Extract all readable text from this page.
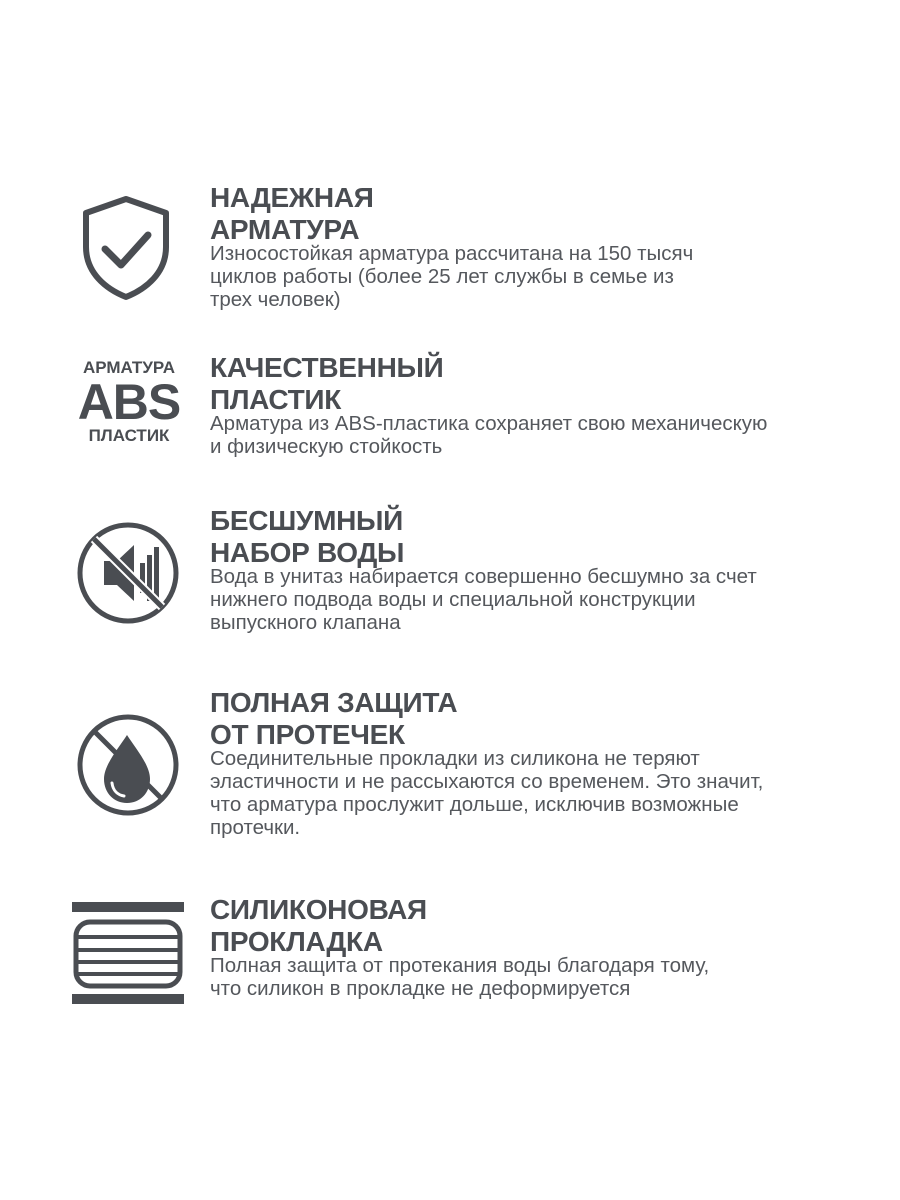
АРМАТУРА
ABS
ПЛАСТИК
НАДЕЖНАЯ
АРМАТУРА
Износостойкая арматура рассчитана на 150 тысяч
циклов работы (более 25 лет службы в семье из
трех человек)
КАЧЕСТВЕННЫЙ
ПЛАСТИК
Арматура из ABS-пластика сохраняет свою механическую
и физическую стойкость
БЕСШУМНЫЙ
НАБОР ВОДЫ
Вода в унитаз набирается совершенно бесшумно за счет
нижнего подвода воды и специальной конструкции
выпускного клапана
ПОЛНАЯ ЗАЩИТА
ОТ ПРОТЕЧЕК
Соединительные прокладки из силикона не теряют
эластичности и не рассыхаются со временем. Это значит,
что арматура прослужит дольше, исключив возможные
протечки.
СИЛИКОНОВАЯ
ПРОКЛАДКА
Полная защита от протекания воды благодаря тому,
что силикон в прокладке не деформируется
